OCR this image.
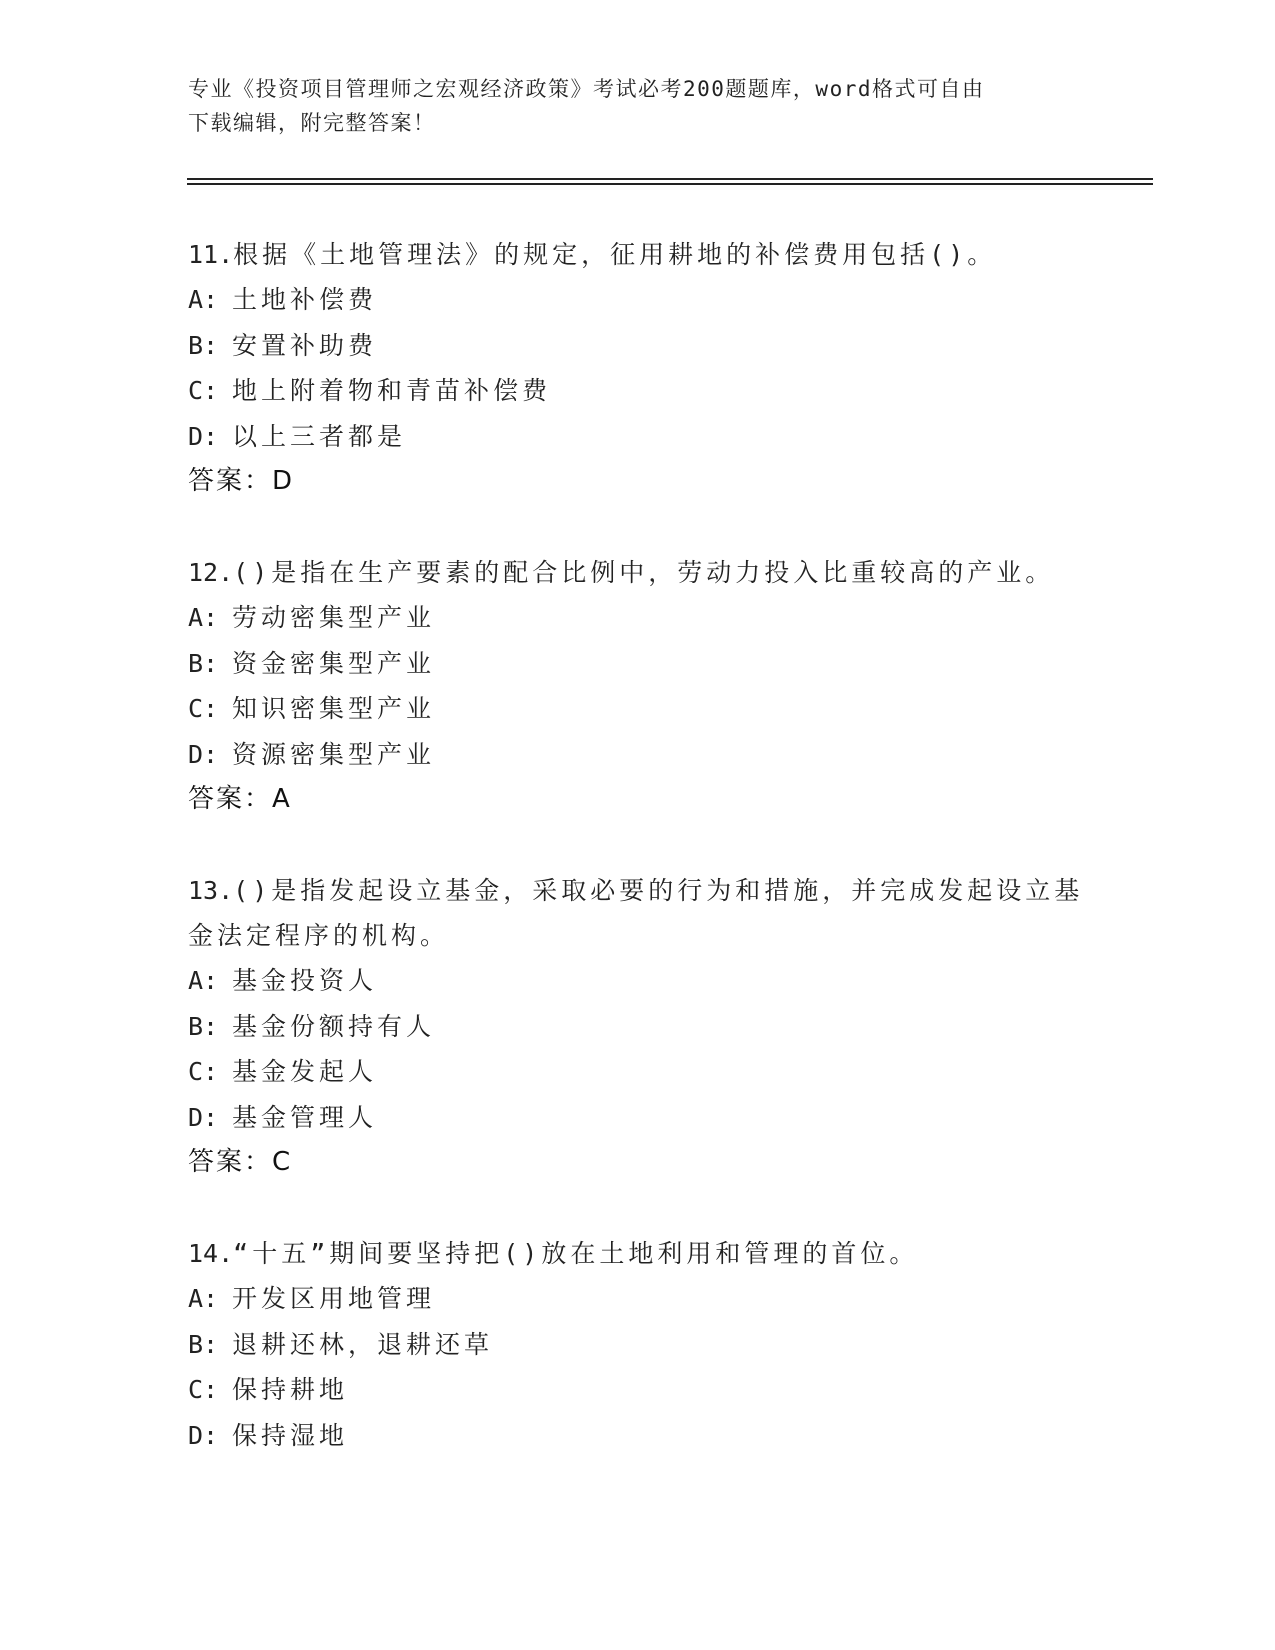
专业《投资项目管理师之宏观经济政策》考试必考200题题库，word格式可自由
下载编辑，附完整答案！
11.根据《土地管理法》的规定，征用耕地的补偿费用包括()。
A: 土地补偿费
B: 安置补助费
C: 地上附着物和青苗补偿费
D: 以上三者都是
答案：D
12.()是指在生产要素的配合比例中，劳动力投入比重较高的产业。
A: 劳动密集型产业
B: 资金密集型产业
C: 知识密集型产业
D: 资源密集型产业
答案：A
13.()是指发起设立基金，采取必要的行为和措施，并完成发起设立基金法定程序的机构。
A: 基金投资人
B: 基金份额持有人
C: 基金发起人
D: 基金管理人
答案：C
14.“十五”期间要坚持把()放在土地利用和管理的首位。
A: 开发区用地管理
B: 退耕还林，退耕还草
C: 保持耕地
D: 保持湿地
